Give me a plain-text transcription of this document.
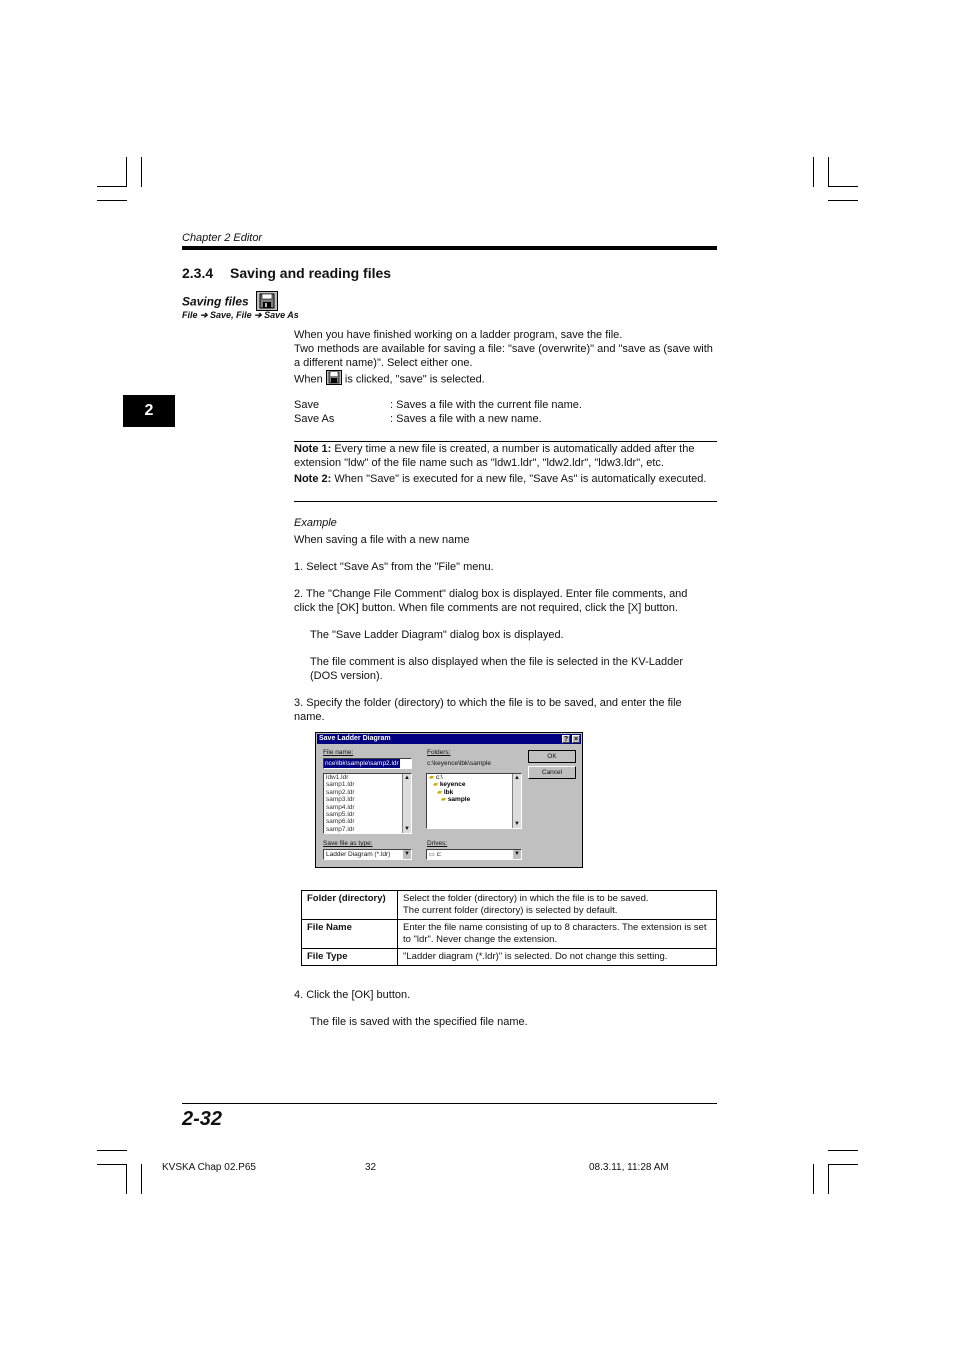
Chapter 2 Editor
2.3.4 Saving and reading files
Saving files
File ➔ Save, File ➔ Save As
2
When you have finished working on a ladder program, save the file.
Two methods are available for saving a file: "save (overwrite)" and "save as (save with a different name)". Select either one.
When is clicked, "save" is selected.
Save	: Saves a file with the current file name.
Save As	: Saves a file with a new name.
Note 1: Every time a new file is created, a number is automatically added after the extension "ldw" of the file name such as "ldw1.ldr", "ldw2.ldr", "ldw3.ldr", etc.
Note 2: When "Save" is executed for a new file, "Save As" is automatically executed.
Example
When saving a file with a new name
1. Select "Save As" from the "File" menu.
2. The "Change File Comment" dialog box is displayed. Enter file comments, and click the [OK] button. When file comments are not required, click the [X] button.
The "Save Ladder Diagram" dialog box is displayed.
The file comment is also displayed when the file is selected in the KV-Ladder (DOS version).
3. Specify the folder (directory) to which the file is to be saved, and enter the file name.
Save Ladder Diagram	? ×
File name:
nce\lbk\sample\samp2.ldr
ldw1.ldr
samp1.ldr
samp2.ldr
samp3.ldr
samp4.ldr
samp5.ldr
samp6.ldr
samp7.ldr
▲
▼
Folders:
c:\keyence\lbk\sample
▰ c:\
▰ keyence
▰ lbk
▰ sample
▲
▼
OK
Cancel
Save file as type:
Ladder Diagram (*.ldr) ▼
Drives:
▭ c:	▼
Folder (directory)	Select the folder (directory) in which the file is to be saved.
The current folder (directory) is selected by default.

File Name	Enter the file name consisting of up to 8 characters. The extension is set to "ldr". Never change the extension.
File Type	"Ladder diagram (*.ldr)" is selected. Do not change this setting.
4. Click the [OK] button.
The file is saved with the specified file name.
2-32
KVSKA Chap 02.P65	32	08.3.11, 11:28 AM
